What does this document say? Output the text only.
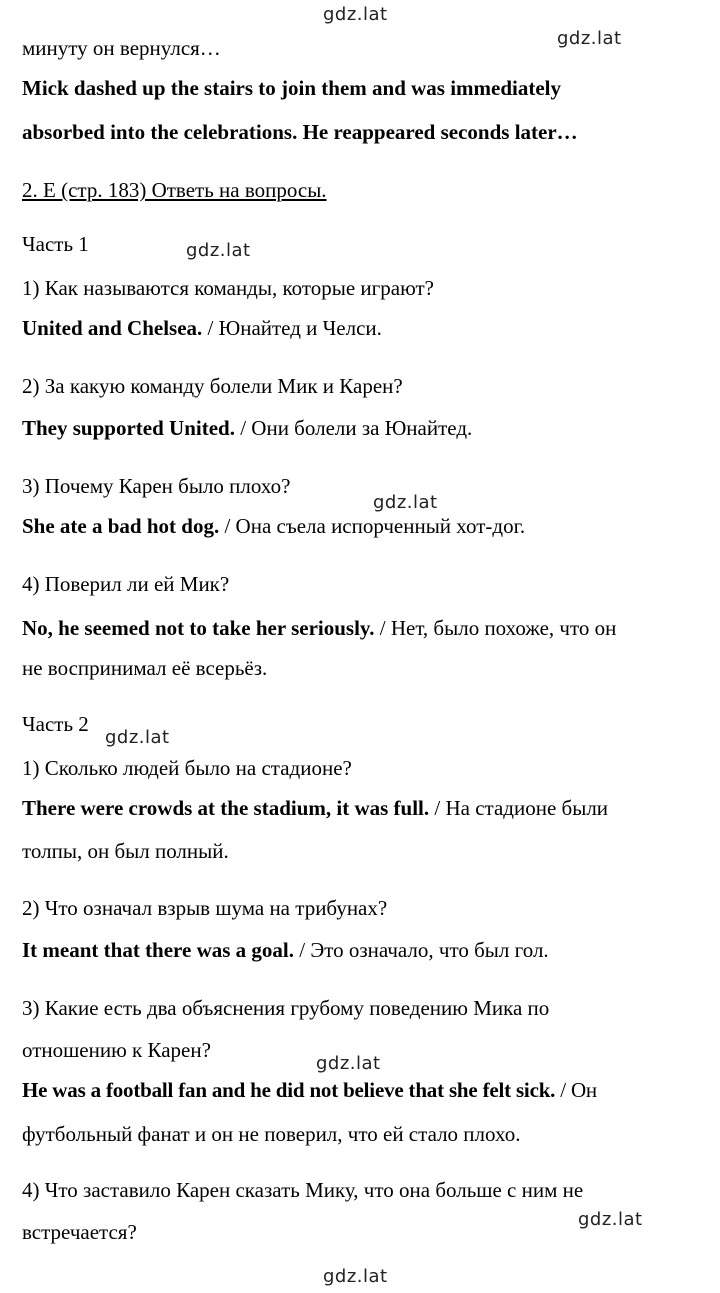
gdz.lat
gdz.lat
gdz.lat
gdz.lat
gdz.lat
gdz.lat
gdz.lat
gdz.lat
минуту он вернулся…
Mick dashed up the stairs to join them and was immediately
absorbed into the celebrations. He reappeared seconds later…
2. E (стр. 183) Ответь на вопросы.
Часть 1
1) Как называются команды, которые играют?
United and Chelsea. / Юнайтед и Челси.
2) За какую команду болели Мик и Карен?
They supported United. / Они болели за Юнайтед.
3) Почему Карен было плохо?
She ate a bad hot dog. / Она съела испорченный хот-дог.
4) Поверил ли ей Мик?
No, he seemed not to take her seriously. / Нет, было похоже, что он
не воспринимал её всерьёз.
Часть 2
1) Сколько людей было на стадионе?
There were crowds at the stadium, it was full. / На стадионе были
толпы, он был полный.
2) Что означал взрыв шума на трибунах?
It meant that there was a goal. / Это означало, что был гол.
3) Какие есть два объяснения грубому поведению Мика по
отношению к Карен?
He was a football fan and he did not believe that she felt sick. / Он
футбольный фанат и он не поверил, что ей стало плохо.
4) Что заставило Карен сказать Мику, что она больше с ним не
встречается?
